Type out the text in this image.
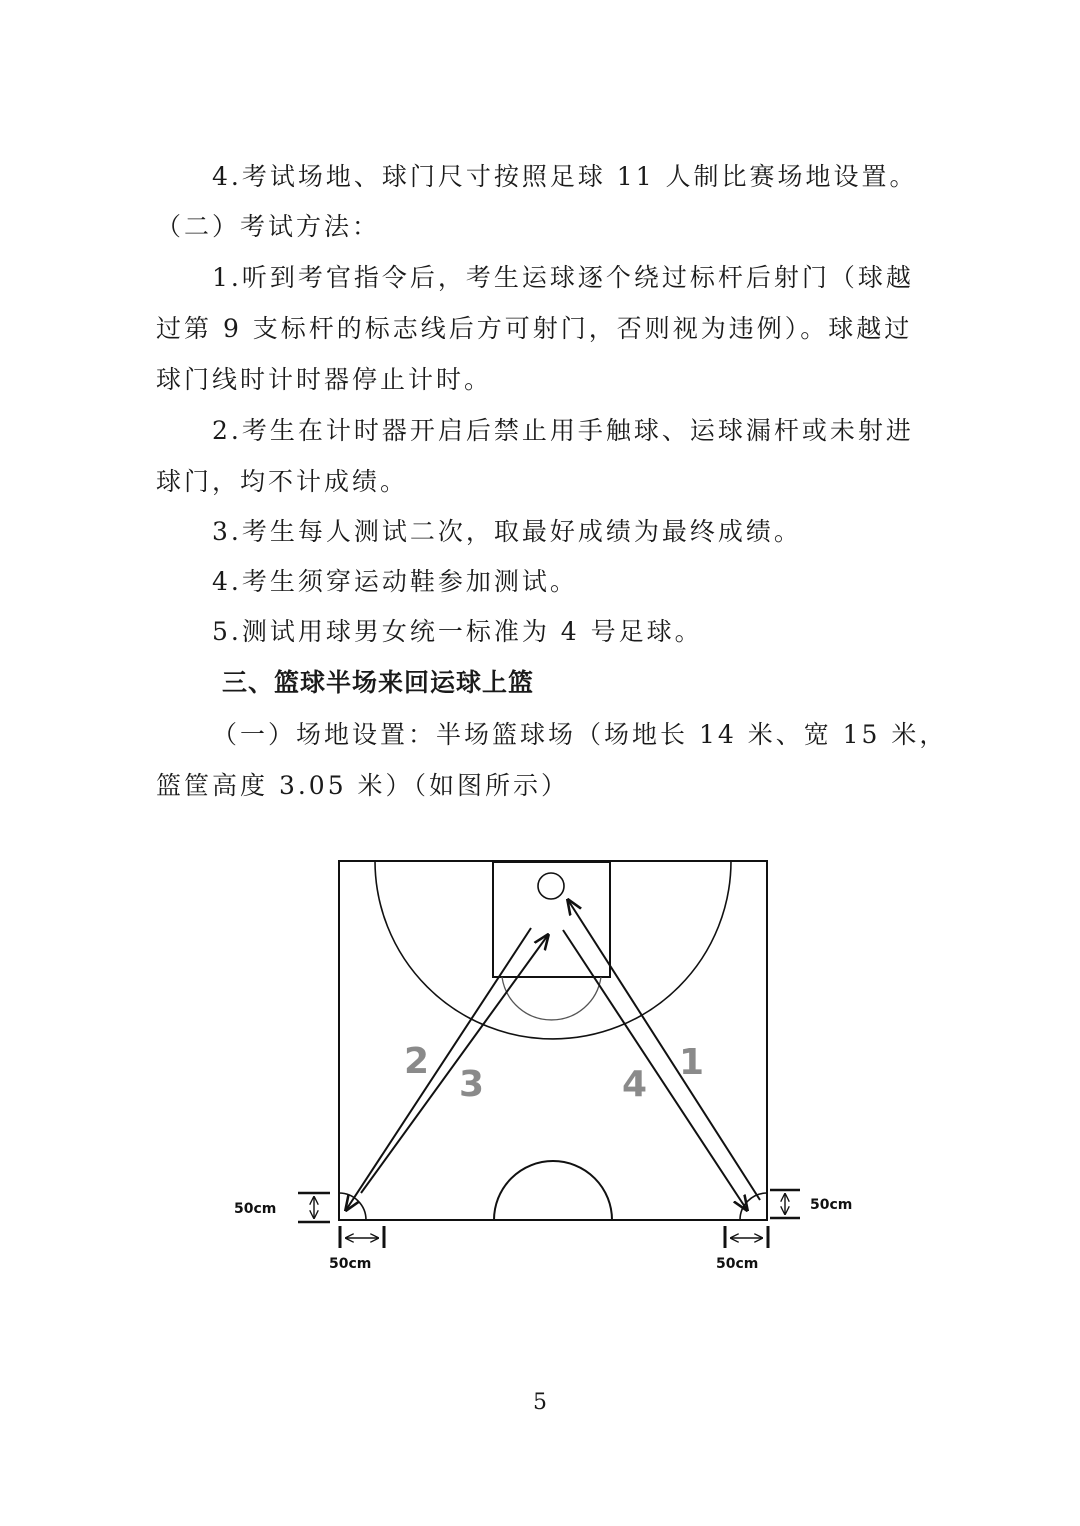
4.考试场地、球门尺寸按照足球 11 人制比赛场地设置。
（二）考试方法：
1.听到考官指令后，考生运球逐个绕过标杆后射门（球越
过第 9 支标杆的标志线后方可射门，否则视为违例）。球越过
球门线时计时器停止计时。
2.考生在计时器开启后禁止用手触球、运球漏杆或未射进
球门，均不计成绩。
3.考生每人测试二次，取最好成绩为最终成绩。
4.考生须穿运动鞋参加测试。
5.测试用球男女统一标准为 4 号足球。
三、篮球半场来回运球上篮
（一）场地设置：半场篮球场（场地长 14 米、宽 15 米，
篮筐高度 3.05 米）（如图所示）
2
3
1
4
50cm
50cm
50cm
50cm
5
